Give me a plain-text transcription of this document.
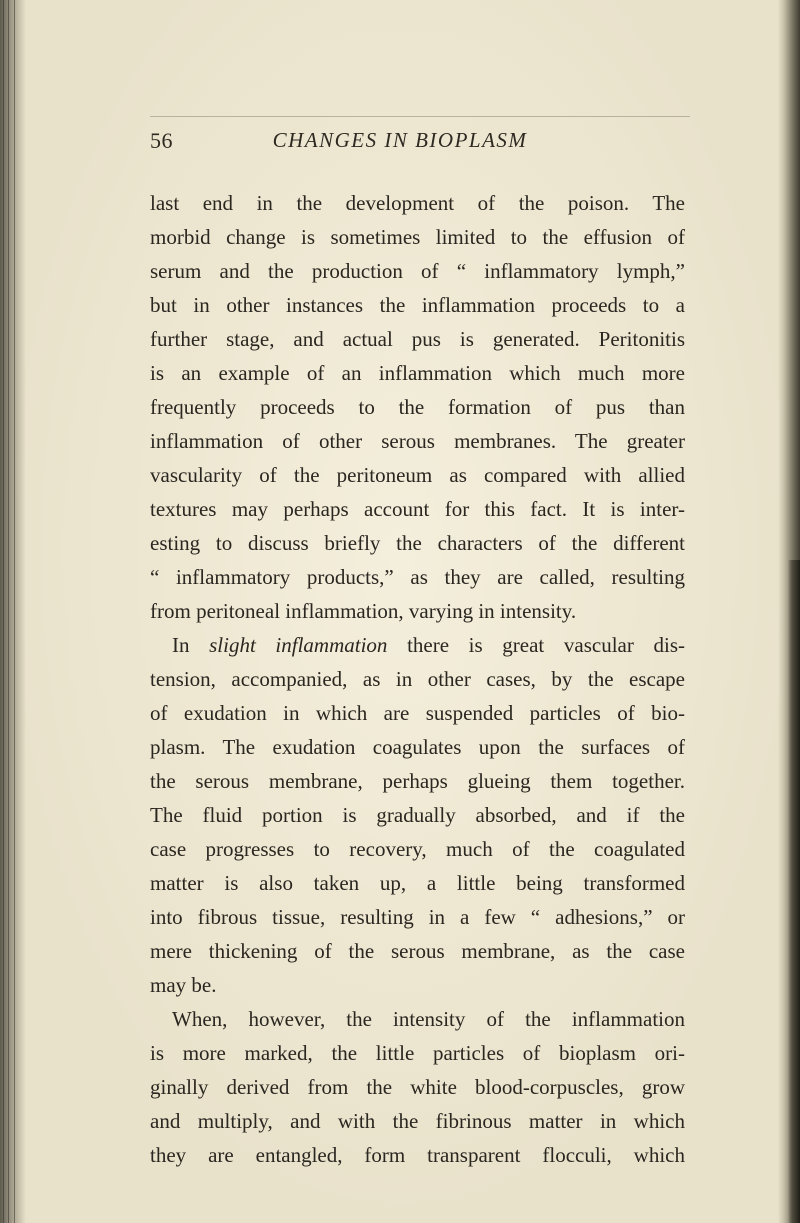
56	CHANGES IN BIOPLASM
last end in the development of the poison. The
morbid change is sometimes limited to the effusion of
serum and the production of “ inflammatory lymph,”
but in other instances the inflammation proceeds to a
further stage, and actual pus is generated. Peritonitis
is an example of an inflammation which much more
frequently proceeds to the formation of pus than
inflammation of other serous membranes. The greater
vascularity of the peritoneum as compared with allied
textures may perhaps account for this fact. It is inter-
esting to discuss briefly the characters of the different
“ inflammatory products,” as they are called, resulting
from peritoneal inflammation, varying in intensity.
In slight inflammation there is great vascular dis-
tension, accompanied, as in other cases, by the escape
of exudation in which are suspended particles of bio-
plasm. The exudation coagulates upon the surfaces of
the serous membrane, perhaps glueing them together.
The fluid portion is gradually absorbed, and if the
case progresses to recovery, much of the coagulated
matter is also taken up, a little being transformed
into fibrous tissue, resulting in a few “ adhesions,” or
mere thickening of the serous membrane, as the case
may be.
When, however, the intensity of the inflammation
is more marked, the little particles of bioplasm ori-
ginally derived from the white blood-corpuscles, grow
and multiply, and with the fibrinous matter in which
they are entangled, form transparent flocculi, which
